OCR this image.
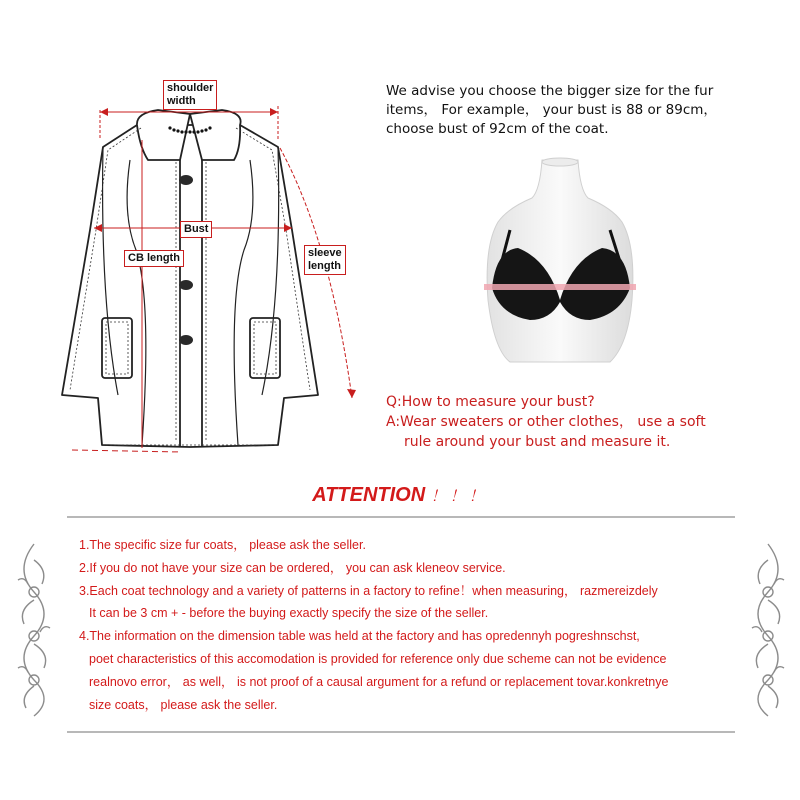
shoulder
width
Bust
CB length	sleeve
length
We advise you choose the bigger size for the fur
items， For example， your bust is 88 or 89cm，
choose bust of 92cm of the coat.
Q:How to measure your bust?
A:Wear sweaters or other clothes， use a soft
rule around your bust and measure it.
ATTENTION ！！！
1.The specific size fur coats， please ask the seller.
2.If you do not have your size can be ordered， you can ask kleneov service.
3.Each coat technology and a variety of patterns in a factory to refine！when measuring， razmereizdely
It can be 3 cm + - before the buying exactly specify the size of the seller.
4.The information on the dimension table was held at the factory and has opredennyh pogreshnschst,
poet characteristics of this accomodation is provided for reference only due scheme can not be evidence
realnovo error， as well， is not proof of a causal argument for a refund or replacement tovar.konkretnye
size coats， please ask the seller.
